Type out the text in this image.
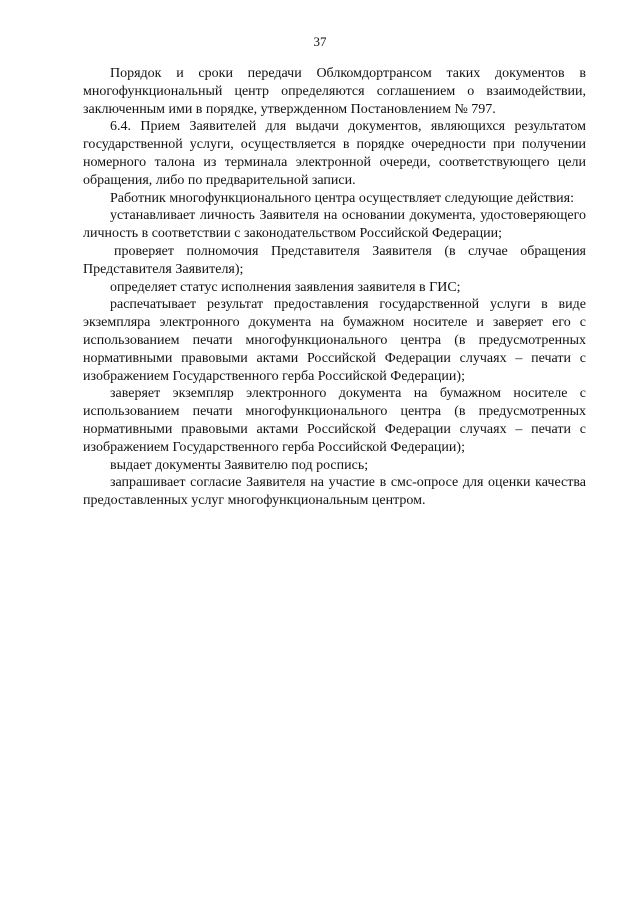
37

Порядок и сроки передачи Облкомдортрансом таких документов в многофункциональный центр определяются соглашением о взаимодействии, заключенным ими в порядке, утвержденном Постановлением № 797.

6.4. Прием Заявителей для выдачи документов, являющихся результатом государственной услуги, осуществляется в порядке очередности при получении номерного талона из терминала электронной очереди, соответствующего цели обращения, либо по предварительной записи.

Работник многофункционального центра осуществляет следующие действия:

устанавливает личность Заявителя на основании документа, удостоверяющего личность в соответствии с законодательством Российской Федерации;

проверяет полномочия Представителя Заявителя (в случае обращения Представителя Заявителя);

определяет статус исполнения заявления заявителя в ГИС;

распечатывает результат предоставления государственной услуги в виде экземпляра электронного документа на бумажном носителе и заверяет его с использованием печати многофункционального центра (в предусмотренных нормативными правовыми актами Российской Федерации случаях – печати с изображением Государственного герба Российской Федерации);

заверяет экземпляр электронного документа на бумажном носителе с использованием печати многофункционального центра (в предусмотренных нормативными правовыми актами Российской Федерации случаях – печати с изображением Государственного герба Российской Федерации);

выдает документы Заявителю под роспись;

запрашивает согласие Заявителя на участие в смс-опросе для оценки качества предоставленных услуг многофункциональным центром.
